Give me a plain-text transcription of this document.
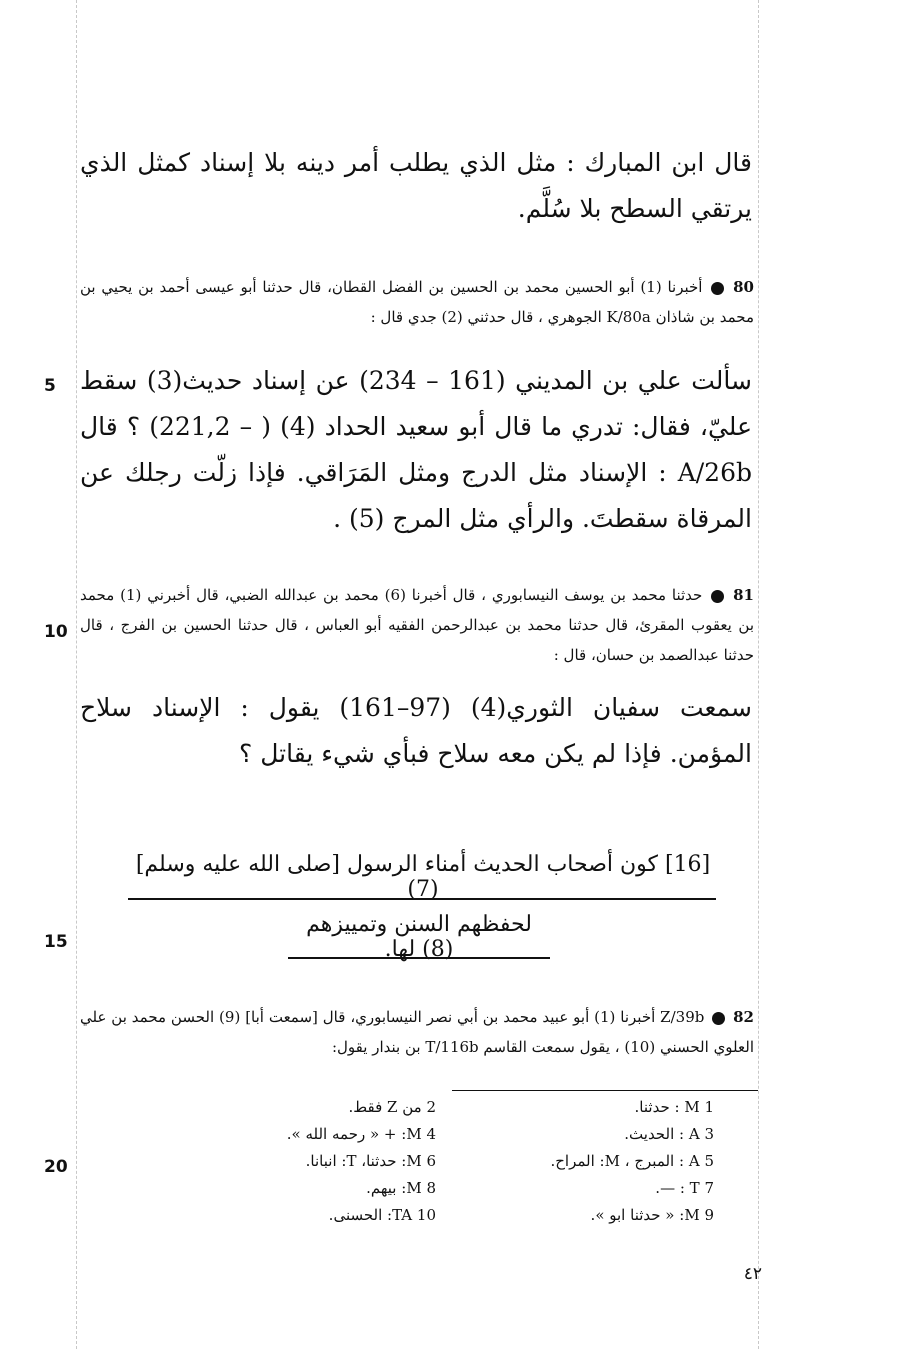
قال ابن المبارك : مثل الذي يطلب أمر دينه بلا إسناد كمثل الذي يرتقي السطح بلا سُلَّم.

80  أخبرنا (1) أبو الحسين محمد بن الحسين بن الفضل القطان، قال حدثنا أبو عيسى أحمد بن يحيي بن محمد بن شاذان K/80a الجوهري ، قال حدثني (2) جدي قال :

سألت علي بن المديني (161 – 234) عن إسناد حديث(3) سقط عليّ، فقال: تدري ما قال أبو سعيد الحداد (4) ( – 221,2) ؟ قال A/26b : الإسناد مثل الدرج ومثل المَرَاقي. فإذا زلّت رجلك عن المرقاة سقطتَ. والرأي مثل المرج (5) .

81  حدثنا محمد بن يوسف النيسابوري ، قال أخبرنا (6) محمد بن عبدالله الضبي، قال أخبرني (1) محمد بن يعقوب المقرئ، قال حدثنا محمد بن عبدالرحمن الفقيه أبو العباس ، قال حدثنا الحسين بن الفرج ، قال حدثنا عبدالصمد بن حسان، قال :

سمعت سفيان الثوري(4) (97–161) يقول : الإسناد سلاح المؤمن. فإذا لم يكن معه سلاح فبأي شيء يقاتل ؟

[16] كون أصحاب الحديث أمناء الرسول [صلى الله عليه وسلم] (7)
لحفظهم السنن وتمييزهم (8) لها.

82  Z/39b أخبرنا (1) أبو عبيد محمد بن أبي نصر النيسابوري، قال [سمعت أبا] (9) الحسن محمد بن علي العلوي الحسني (10) ، يقول سمعت القاسم T/116b بن بندار يقول:

5
10
15
20
1 M : حدثنا.
3 A : الحديث.
5 A : المبرج ، M: المراح.
7 T : —.
9 M: « حدثنا ابو ».
2 من Z فقط.
4 M: + « رحمه الله ».
6 M: حدثنا، T: انبانا.
8 M: بيهم.
10 TA: الحسنى.
٤٢
